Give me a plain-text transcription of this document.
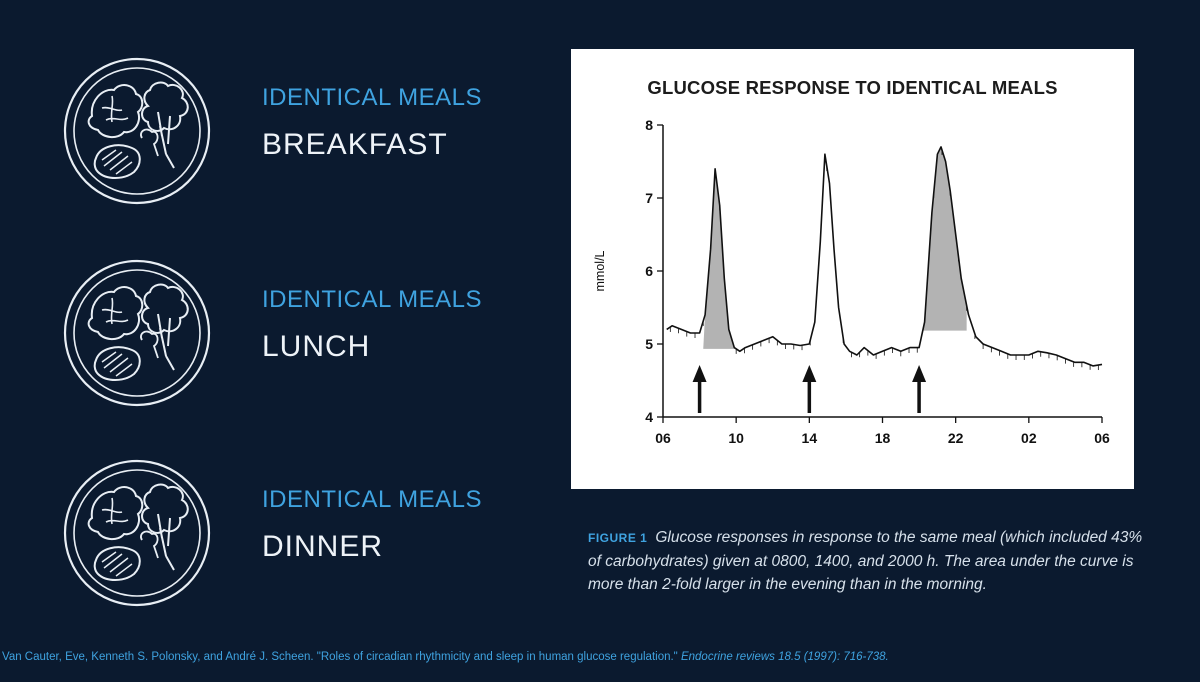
IDENTICAL MEALS
BREAKFAST
IDENTICAL MEALS
LUNCH
IDENTICAL MEALS
DINNER
GLUCOSE RESPONSE TO IDENTICAL MEALS
4
5
6
7
8
06	10	14	18	22	02	06
mmol/L
FIGURE 1 Glucose responses in response to the same meal (which included 43% of carbohydrates) given at 0800, 1400, and 2000 h. The area under the curve is more than 2-fold larger in the evening than in the morning.
Van Cauter, Eve, Kenneth S. Polonsky, and André J. Scheen. "Roles of circadian rhythmicity and sleep in human glucose regulation." Endocrine reviews 18.5 (1997): 716-738.
